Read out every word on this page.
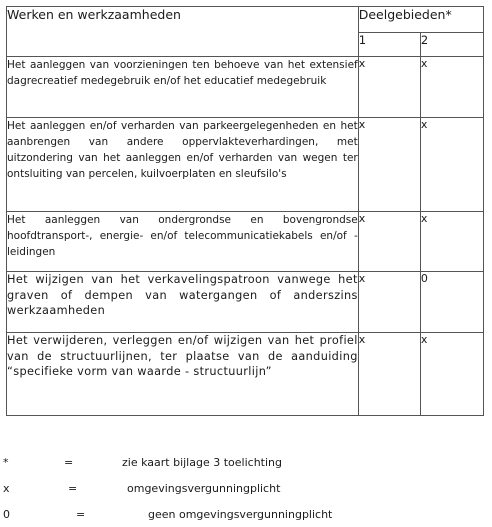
Werken en werkzaamheden	Deelgebieden*	
	1	2
Het aanleggen van voorzieningen ten behoeve van het extensief dagrecreatief medegebruik en/of het educatief medegebruik	x	x
Het aanleggen en/of verharden van parkeergelegenheden en het aanbrengen van andere oppervlakteverhardingen, met uitzondering van het aanleggen en/of verharden van wegen ter ontsluiting van percelen, kuilvoerplaten en sleufsilo's	x	x
Het aanleggen van ondergrondse en bovengrondse hoofdtransport-, energie- en/of telecommunicatiekabels en/of -leidingen	x	x
Het wijzigen van het verkavelingspatroon vanwege het graven of dempen van watergangen of anderszins werkzaamheden	x	0
Het verwijderen, verleggen en/of wijzigen van het profiel van de structuurlijnen, ter plaatse van de aanduiding “specifieke vorm van waarde - structuurlijn”	x	x
*	=	zie kaart bijlage 3 toelichting
x	=	omgevingsvergunningplicht
0	=	geen omgevingsvergunningplicht
